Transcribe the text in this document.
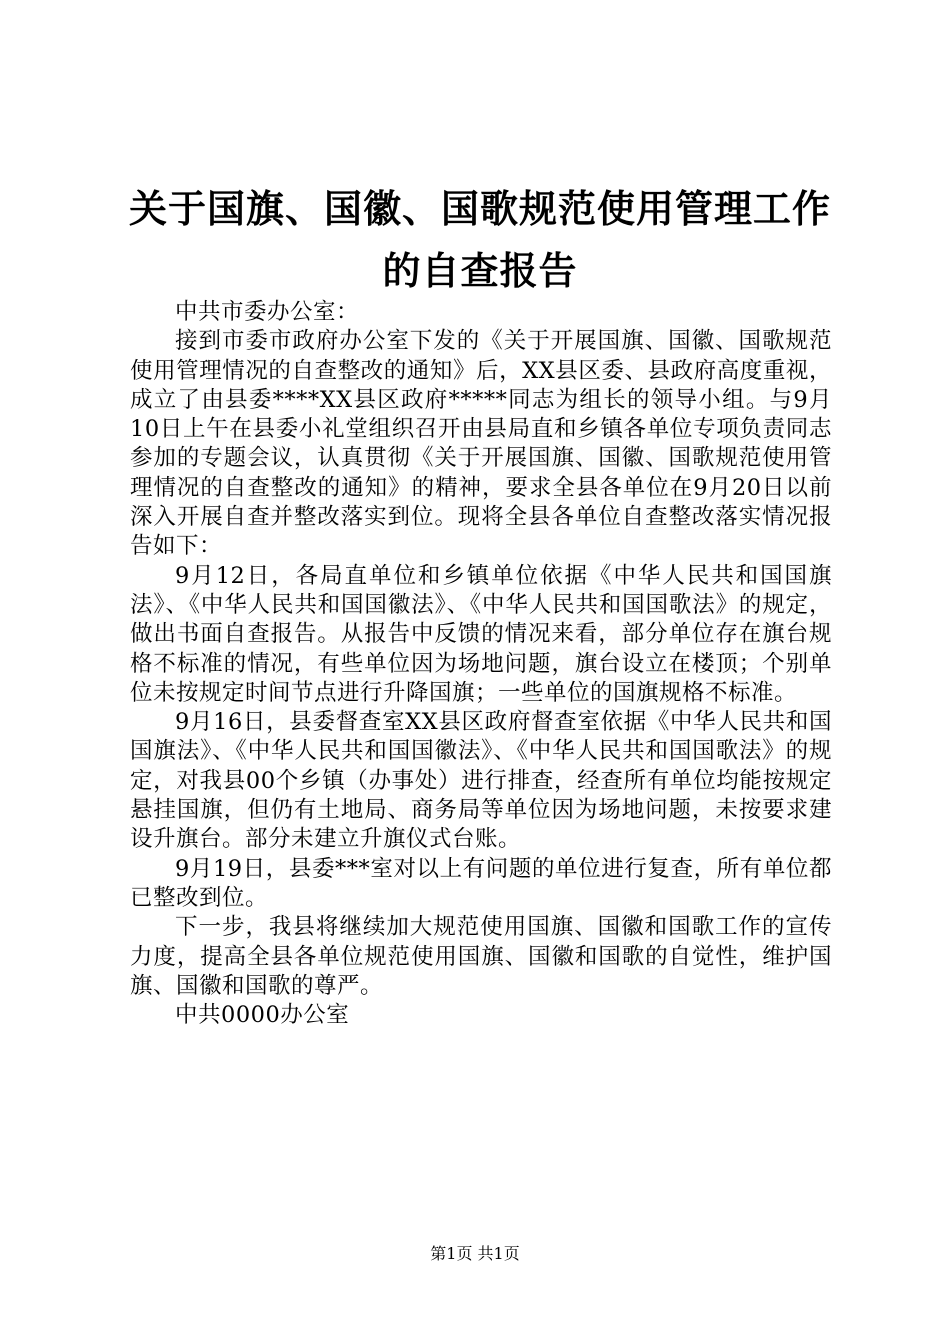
关于国旗、国徽、国歌规范使用管理工作的自查报告

中共市委办公室：

接到市委市政府办公室下发的《关于开展国旗、国徽、国歌规范使用管理情况的自查整改的通知》后，XX县区委、县政府高度重视，成立了由县委****XX县区政府*****同志为组长的领导小组。与9月10日上午在县委小礼堂组织召开由县局直和乡镇各单位专项负责同志参加的专题会议，认真贯彻《关于开展国旗、国徽、国歌规范使用管理情况的自查整改的通知》的精神，要求全县各单位在9月20日以前深入开展自查并整改落实到位。现将全县各单位自查整改落实情况报告如下：

9月12日，各局直单位和乡镇单位依据《中华人民共和国国旗法》、《中华人民共和国国徽法》、《中华人民共和国国歌法》的规定，做出书面自查报告。从报告中反馈的情况来看，部分单位存在旗台规格不标准的情况，有些单位因为场地问题，旗台设立在楼顶；个别单位未按规定时间节点进行升降国旗；一些单位的国旗规格不标准。

9月16日，县委督查室XX县区政府督查室依据《中华人民共和国国旗法》、《中华人民共和国国徽法》、《中华人民共和国国歌法》的规定，对我县00个乡镇（办事处）进行排查，经查所有单位均能按规定悬挂国旗，但仍有土地局、商务局等单位因为场地问题，未按要求建设升旗台。部分未建立升旗仪式台账。

9月19日，县委***室对以上有问题的单位进行复查，所有单位都已整改到位。

下一步，我县将继续加大规范使用国旗、国徽和国歌工作的宣传力度，提高全县各单位规范使用国旗、国徽和国歌的自觉性，维护国旗、国徽和国歌的尊严。

中共0000办公室

第1页 共1页
